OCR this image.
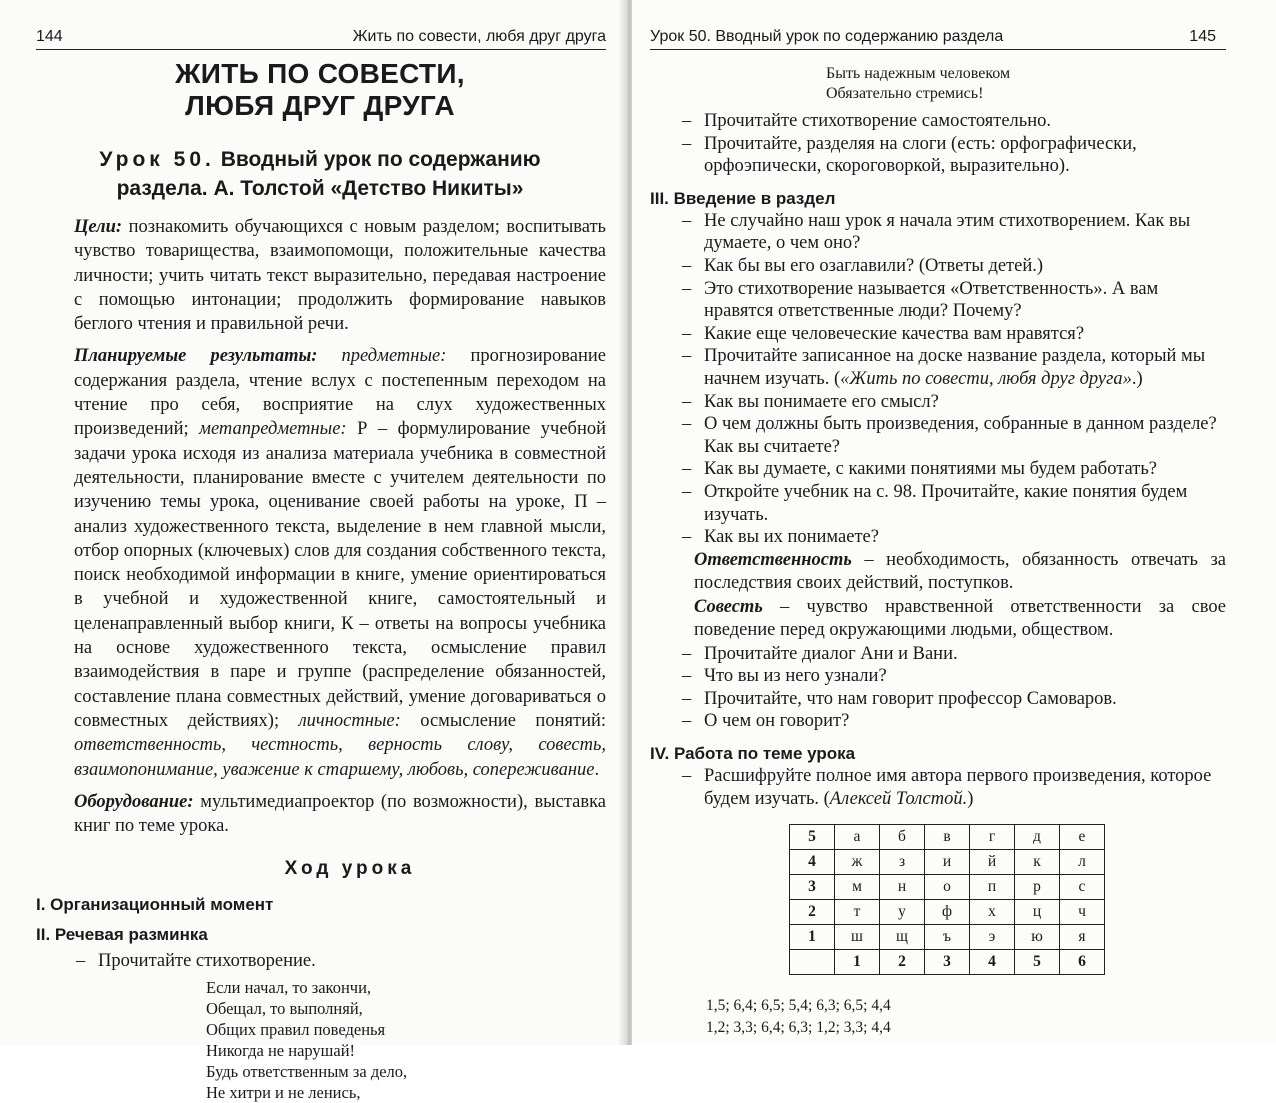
144	Жить по совести, любя друг друга
ЖИТЬ ПО СОВЕСТИ,
ЛЮБЯ ДРУГ ДРУГА
Урок 50. Вводный урок по содержанию
раздела. А. Толстой «Детство Никиты»

Цели: познакомить обучающихся с новым разделом; воспитывать чувство товарищества, взаимопомощи, положительные качества личности; учить читать текст выразительно, передавая настроение с помощью интонации; продолжить формирование навыков беглого чтения и правильной речи.

Планируемые результаты: предметные: прогнозирование содержания раздела, чтение вслух с постепенным переходом на чтение про себя, восприятие на слух художественных произведений; метапредметные: Р – формулирование учебной задачи урока исходя из анализа материала учебника в совместной деятельности, планирование вместе с учителем деятельности по изучению темы урока, оценивание своей работы на уроке, П – анализ художественного текста, выделение в нем главной мысли, отбор опорных (ключевых) слов для создания собственного текста, поиск необходимой информации в книге, умение ориентироваться в учебной и художественной книге, самостоятельный и целенаправленный выбор книги, К – ответы на вопросы учебника на основе художественного текста, осмысление правил взаимодействия в паре и группе (распределение обязанностей, составление плана совместных действий, умение договариваться о совместных действиях); личностные: осмысление понятий: ответственность, честность, верность слову, совесть, взаимопонимание, уважение к старшему, любовь, сопереживание.

Оборудование: мультимедиапроектор (по возможности), выставка книг по теме урока.

Ход урока
I. Организационный момент
II. Речевая разминка
– Прочитайте стихотворение.
Если начал, то закончи,
Обещал, то выполняй,
Общих правил поведенья
Никогда не нарушай!
Будь ответственным за дело,
Не хитри и не ленись,
Урок 50. Вводный урок по содержанию раздела	145
Быть надежным человеком
Обязательно стремись!
– Прочитайте стихотворение самостоятельно.
– Прочитайте, разделяя на слоги (есть: орфографически, орфоэпически, скороговоркой, выразительно).
III. Введение в раздел
– Не случайно наш урок я начала этим стихотворением. Как вы думаете, о чем оно?
– Как бы вы его озаглавили? (Ответы детей.)
– Это стихотворение называется «Ответственность». А вам нравятся ответственные люди? Почему?
– Какие еще человеческие качества вам нравятся?
– Прочитайте записанное на доске название раздела, который мы начнем изучать. («Жить по совести, любя друг друга».)
– Как вы понимаете его смысл?
– О чем должны быть произведения, собранные в данном разделе? Как вы считаете?
– Как вы думаете, с какими понятиями мы будем работать?
– Откройте учебник на с. 98. Прочитайте, какие понятия будем изучать.
– Как вы их понимаете?

Ответственность – необходимость, обязанность отвечать за последствия своих действий, поступков.

Совесть – чувство нравственной ответственности за свое поведение перед окружающими людьми, обществом.

– Прочитайте диалог Ани и Вани.
– Что вы из него узнали?
– Прочитайте, что нам говорит профессор Самоваров.
– О чем он говорит?
IV. Работа по теме урока
– Расшифруйте полное имя автора первого произведения, которое будем изучать. (Алексей Толстой.)
5	а	б	в	г	д	е
4	ж	з	и	й	к	л
3	м	н	о	п	р	с
2	т	у	ф	х	ц	ч
1	ш	щ	ъ	э	ю	я
	1	2	3	4	5	6
1,5; 6,4; 6,5; 5,4; 6,3; 6,5; 4,4
1,2; 3,3; 6,4; 6,3; 1,2; 3,3; 4,4
